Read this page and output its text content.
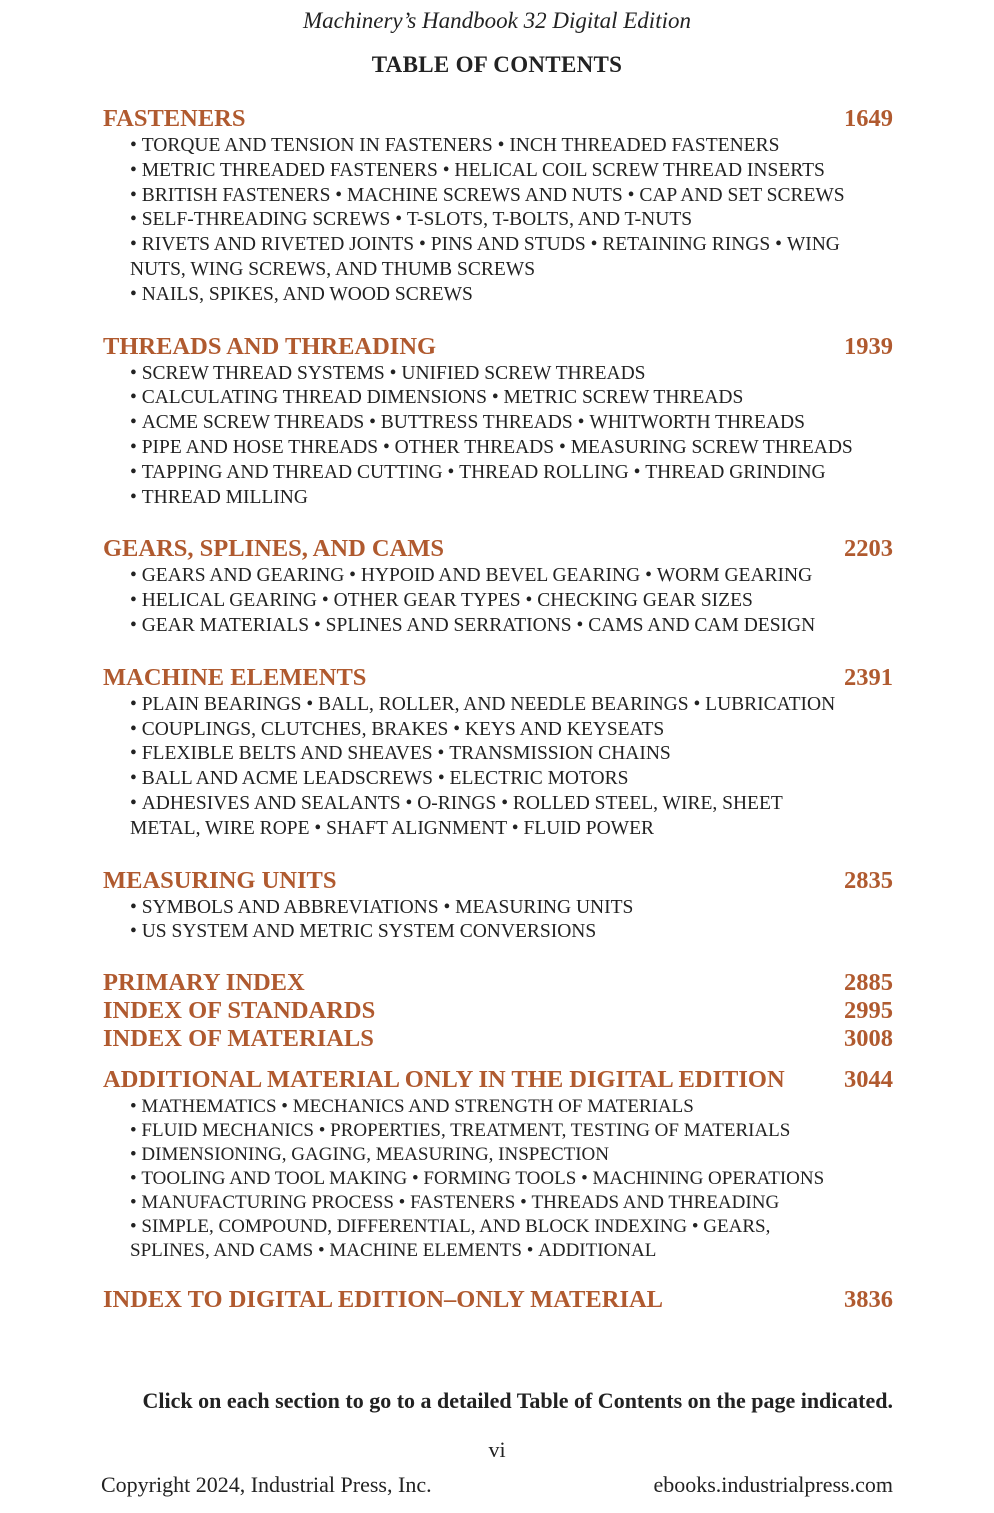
Machinery’s Handbook 32 Digital Edition
TABLE OF CONTENTS
FASTENERS	1649
• TORQUE AND TENSION IN FASTENERS • INCH THREADED FASTENERS • METRIC THREADED FASTENERS • HELICAL COIL SCREW THREAD INSERTS • BRITISH FASTENERS • MACHINE SCREWS AND NUTS • CAP AND SET SCREWS • SELF-THREADING SCREWS • T-SLOTS, T-BOLTS, AND T-NUTS • RIVETS AND RIVETED JOINTS • PINS AND STUDS • RETAINING RINGS • WING NUTS, WING SCREWS, AND THUMB SCREWS • NAILS, SPIKES, AND WOOD SCREWS
THREADS AND THREADING	1939
• SCREW THREAD SYSTEMS • UNIFIED SCREW THREADS • CALCULATING THREAD DIMENSIONS • METRIC SCREW THREADS • ACME SCREW THREADS • BUTTRESS THREADS • WHITWORTH THREADS • PIPE AND HOSE THREADS • OTHER THREADS • MEASURING SCREW THREADS • TAPPING AND THREAD CUTTING • THREAD ROLLING • THREAD GRINDING • THREAD MILLING
GEARS, SPLINES, AND CAMS	2203
• GEARS AND GEARING • HYPOID AND BEVEL GEARING • WORM GEARING • HELICAL GEARING • OTHER GEAR TYPES • CHECKING GEAR SIZES • GEAR MATERIALS • SPLINES AND SERRATIONS • CAMS AND CAM DESIGN
MACHINE ELEMENTS	2391
• PLAIN BEARINGS • BALL, ROLLER, AND NEEDLE BEARINGS • LUBRICATION • COUPLINGS, CLUTCHES, BRAKES • KEYS AND KEYSEATS • FLEXIBLE BELTS AND SHEAVES • TRANSMISSION CHAINS • BALL AND ACME LEADSCREWS • ELECTRIC MOTORS • ADHESIVES AND SEALANTS • O-RINGS • ROLLED STEEL, WIRE, SHEET METAL, WIRE ROPE • SHAFT ALIGNMENT • FLUID POWER
MEASURING UNITS	2835
• SYMBOLS AND ABBREVIATIONS • MEASURING UNITS
• US SYSTEM AND METRIC SYSTEM CONVERSIONS
PRIMARY INDEX	2885
INDEX OF STANDARDS	2995
INDEX OF MATERIALS	3008
ADDITIONAL MATERIAL ONLY IN THE DIGITAL EDITION 3044
• MATHEMATICS • MECHANICS AND STRENGTH OF MATERIALS • FLUID MECHANICS • PROPERTIES, TREATMENT, TESTING OF MATERIALS • DIMENSIONING, GAGING, MEASURING, INSPECTION • TOOLING AND TOOL MAKING • FORMING TOOLS • MACHINING OPERATIONS • MANUFACTURING PROCESS • FASTENERS • THREADS AND THREADING • SIMPLE, COMPOUND, DIFFERENTIAL, AND BLOCK INDEXING • GEARS, SPLINES, AND CAMS • MACHINE ELEMENTS • ADDITIONAL
INDEX TO DIGITAL EDITION–ONLY MATERIAL	3836
Click on each section to go to a detailed Table of Contents on the page indicated.
vi
Copyright 2024, Industrial Press, Inc.	ebooks.industrialpress.com
